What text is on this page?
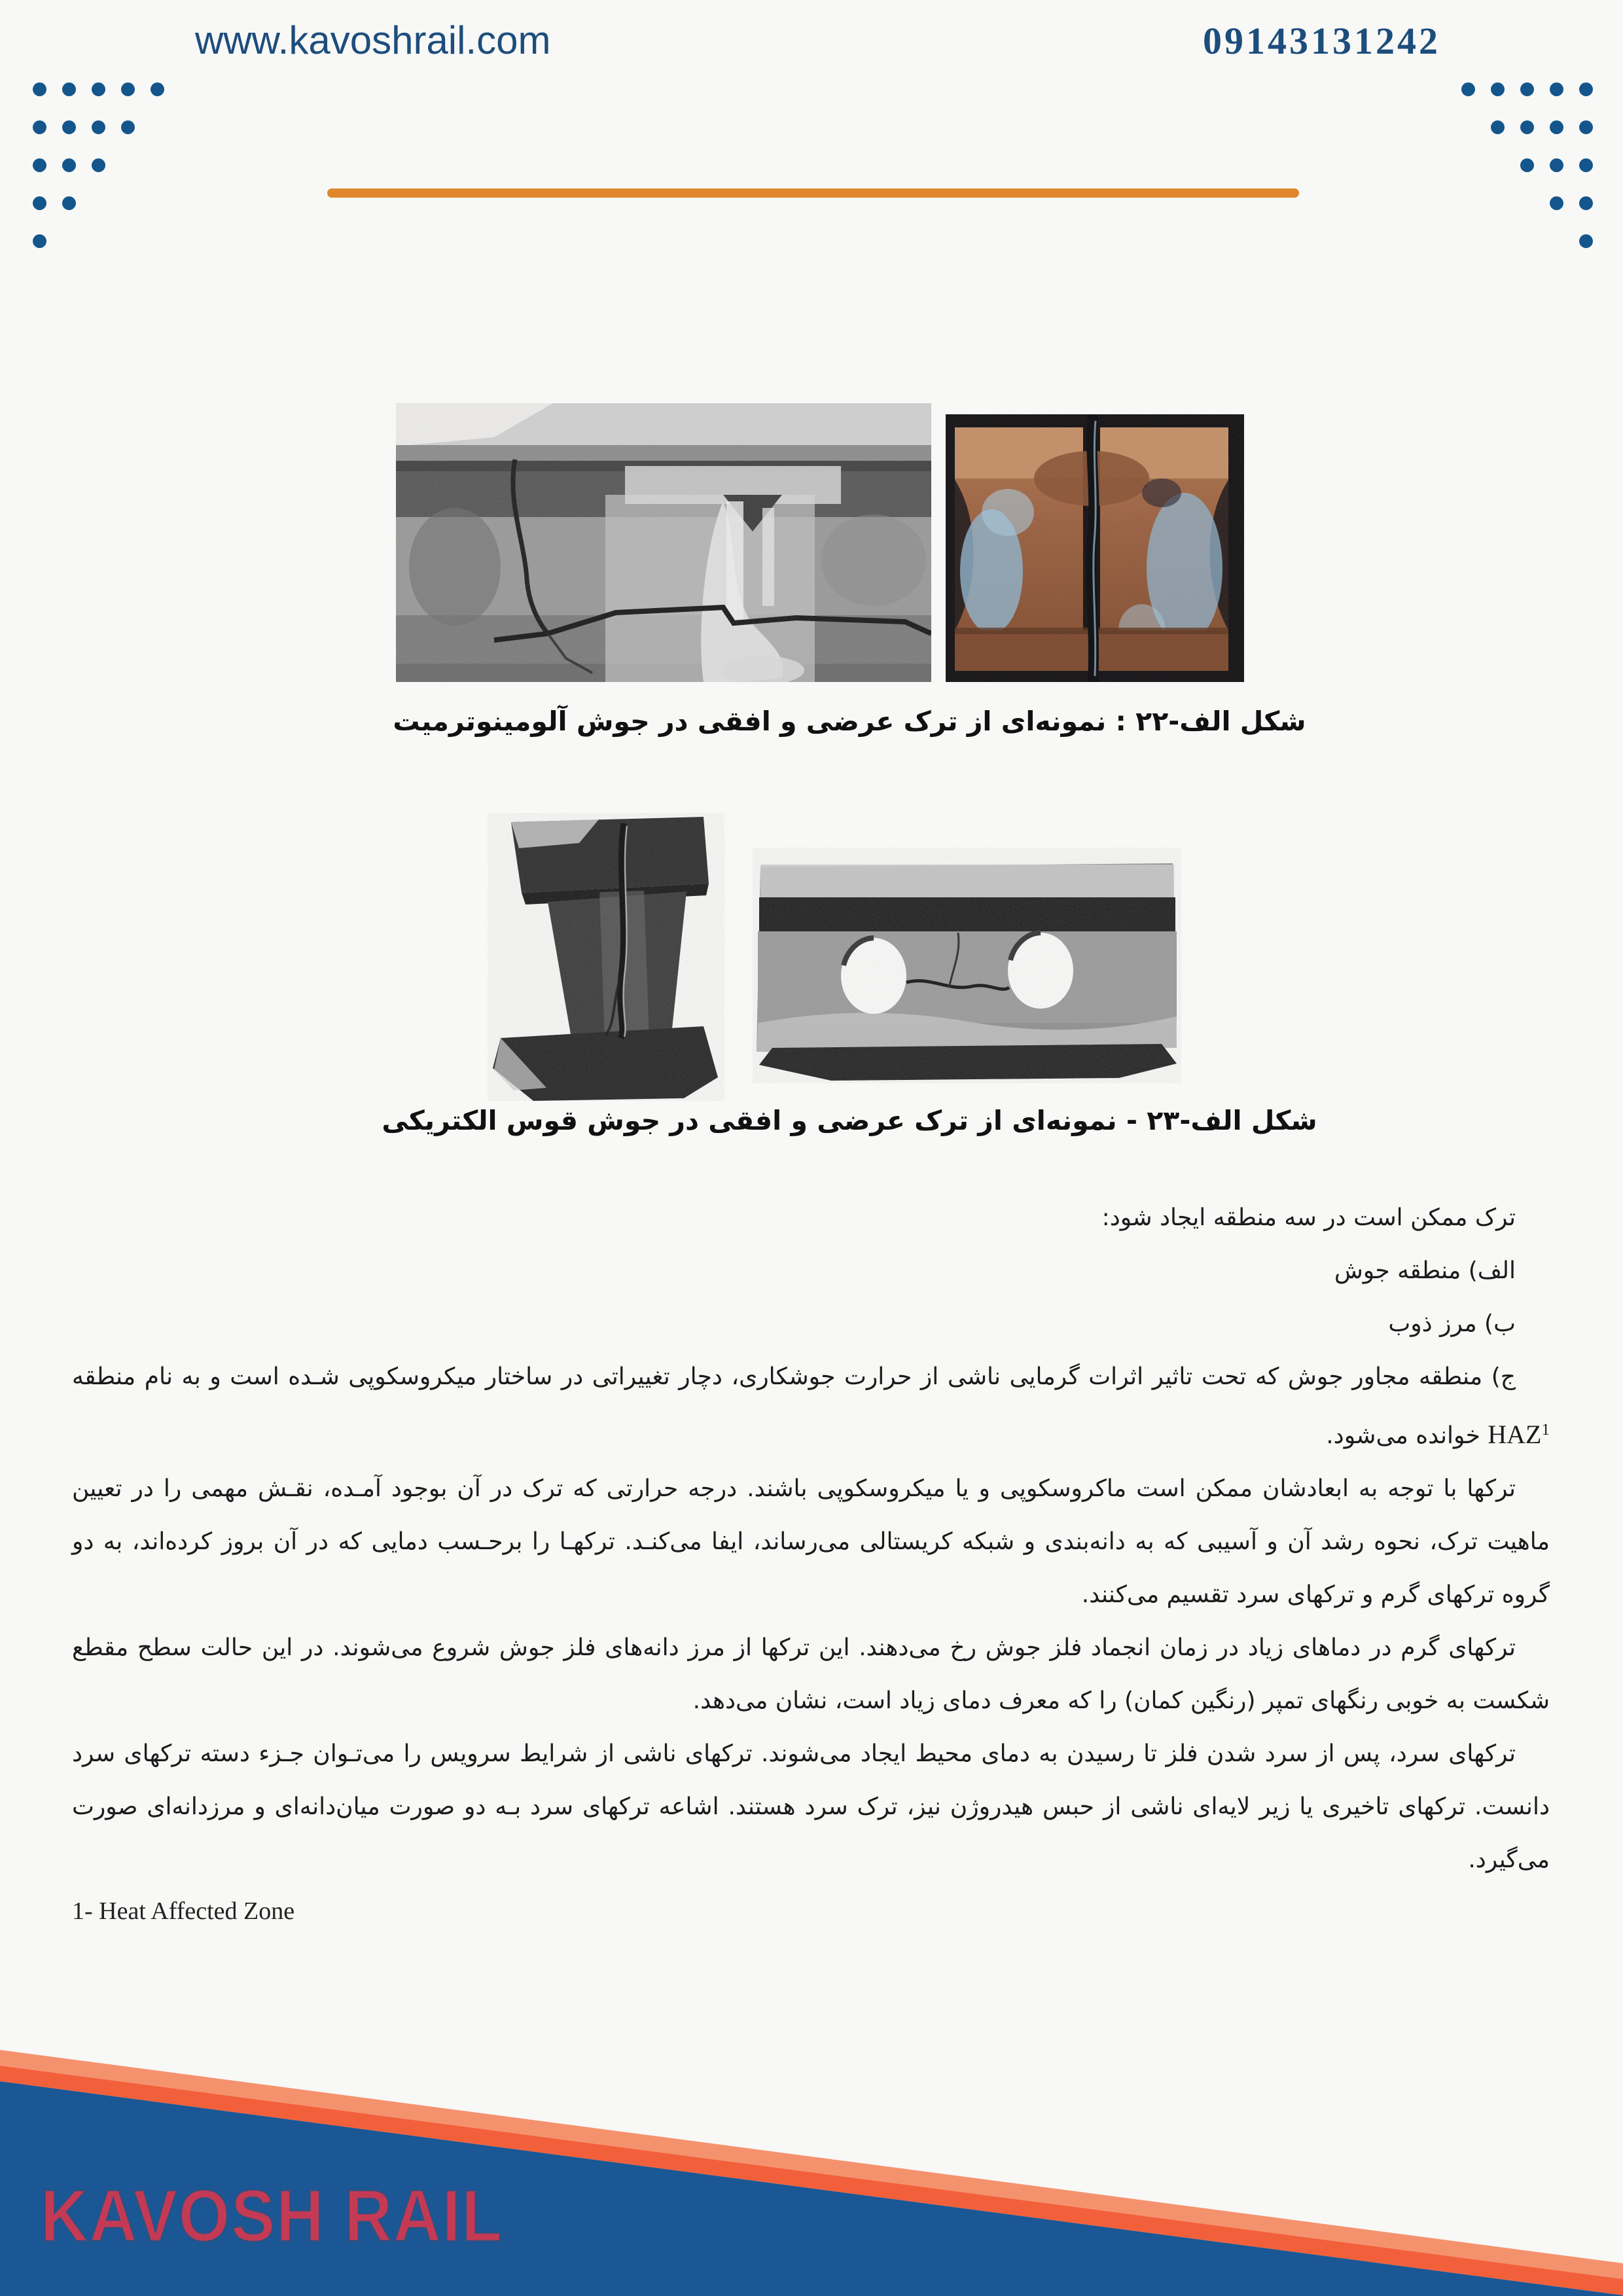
www.kavoshrail.com	09143131242
شکل الف-۲۲ : نمونه‌ای از ترک عرضی و افقی در جوش آلومینوترمیت
شکل الف-۲۳ - نمونه‌ای از ترک عرضی و افقی در جوش قوس الکتریکی

ترک ممکن است در سه منطقه ایجاد شود:

الف) منطقه جوش

ب) مرز ذوب

ج) منطقه مجاور جوش که تحت تاثیر اثرات گرمایی ناشی از حرارت جوشکاری، دچار تغییراتی در ساختار میکروسکوپی شـده است و به نام منطقه HAZ$^1$ خوانده می‌شود.

ترکها با توجه به ابعادشان ممکن است ماکروسکوپی و یا میکروسکوپی باشند. درجه حرارتی که ترک در آن بوجود آمـده، نقـش مهمی را در تعیین ماهیت ترک، نحوه رشد آن و آسیبی که به دانه‌بندی و شبکه کریستالی می‌رساند، ایفا می‌کنـد. ترکهـا را برحـسب دمایی که در آن بروز کرده‌اند، به دو گروه ترکهای گرم و ترکهای سرد تقسیم می‌کنند.

ترکهای گرم در دماهای زیاد در زمان انجماد فلز جوش رخ می‌دهند. این ترکها از مرز دانه‌های فلز جوش شروع می‌شوند. در این حالت سطح مقطع شکست به خوبی رنگهای تمپر (رنگین کمان) را که معرف دمای زیاد است، نشان می‌دهد.

ترکهای سرد، پس از سرد شدن فلز تا رسیدن به دمای محیط ایجاد می‌شوند. ترکهای ناشی از شرایط سرویس را می‌تـوان جـزء دسته ترکهای سرد دانست. ترکهای تاخیری یا زیر لایه‌ای ناشی از حبس هیدروژن نیز، ترک سرد هستند. اشاعه ترکهای سرد بـه دو صورت میان‌دانه‌ای و مرزدانه‌ای صورت می‌گیرد.

1- Heat Affected Zone
KAVOSH RAIL
